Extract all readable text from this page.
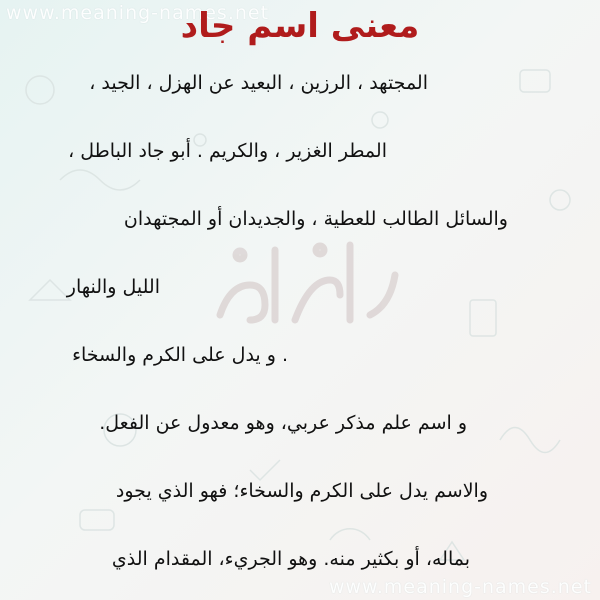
www.meaning-names.net
معنى اسم جاد
المجتهد ، الرزين ، البعيد عن الهزل ، الجيد ،
المطر الغزير ، والكريم . أبو جاد الباطل ،
والسائل الطالب للعطية ، والجديدان أو المجتهدان
الليل والنهار
. و يدل على الكرم والسخاء
و اسم علم مذكر عربي، وهو معدول عن الفعل.
والاسم يدل على الكرم والسخاء؛ فهو الذي يجود
بماله، أو بكثير منه. وهو الجريء، المقدام الذي
www.meaning-names.net
